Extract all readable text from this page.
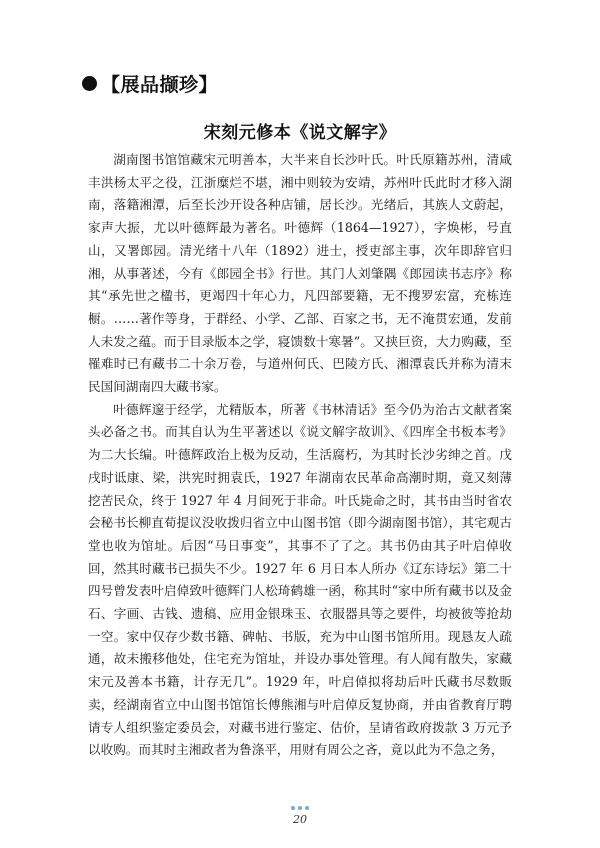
【展品撷珍】
宋刻元修本《说文解字》

湖南图书馆馆藏宋元明善本，大半来自长沙叶氏。叶氏原籍苏州，清咸丰洪杨太平之役，江浙糜烂不堪，湘中则较为安靖，苏州叶氏此时才移入湖南，落籍湘潭，后至长沙开设各种店铺，居长沙。光绪后，其族人文蔚起，家声大振，尤以叶德辉最为著名。叶德辉（1864—1927），字焕彬，号直山，又署郎园。清光绪十八年（1892）进士，授吏部主事，次年即辞官归湘，从事著述，今有《郎园全书》行世。其门人刘肇隅《郎园读书志序》称其“承先世之楹书，更竭四十年心力，凡四部要籍，无不搜罗宏富，充栋连橱。……著作等身，于群经、小学、乙部、百家之书，无不淹贯宏通，发前人未发之蕴。而于目录版本之学，寝馈数十寒暑”。又挟巨资，大力购藏，至罹难时已有藏书二十余万卷，与道州何氏、巴陵方氏、湘潭袁氏并称为清末民国间湖南四大藏书家。

叶德辉邃于经学，尤精版本，所著《书林清话》至今仍为治古文献者案头必备之书。而其自认为生平著述以《说文解字故训》、《四库全书板本考》为二大长编。叶德辉政治上极为反动，生活腐朽，为其时长沙劣绅之首。戊戌时诋康、梁，洪宪时拥袁氏，1927 年湖南农民革命高潮时期，竟又刻薄挖苦民众，终于 1927 年 4 月间死于非命。叶氏毙命之时，其书由当时省农会秘书长柳直荀提议没收拨归省立中山图书馆（即今湖南图书馆），其宅观古堂也收为馆址。后因“马日事变”，其事不了了之。其书仍由其子叶启倬收回，然其时藏书已损失不少。1927 年 6 月日本人所办《辽东诗坛》第二十四号曾发表叶启倬致叶德辉门人松琦鹤雄一函，称其时“家中所有藏书以及金石、字画、古钱、遗稿、应用金银珠玉、衣服器具等之要件，均被彼等抢劫一空。家中仅存少数书籍、碑帖、书版，充为中山图书馆所用。现恳友人疏通，故未搬移他处，住宅充为馆址，并设办事处管理。有人闻有散失，家藏宋元及善本书籍，计存无几”。1929 年，叶启倬拟将劫后叶氏藏书尽数販卖，经湖南省立中山图书馆馆长傅熊湘与叶启倬反复协商，并由省教育厅聘请专人组织鉴定委员会，对藏书进行鉴定、估价，呈请省政府拨款 3 万元予以收购。而其时主湘政者为鲁涤平，用财有周公之吝，竟以此为不急之务，

20
